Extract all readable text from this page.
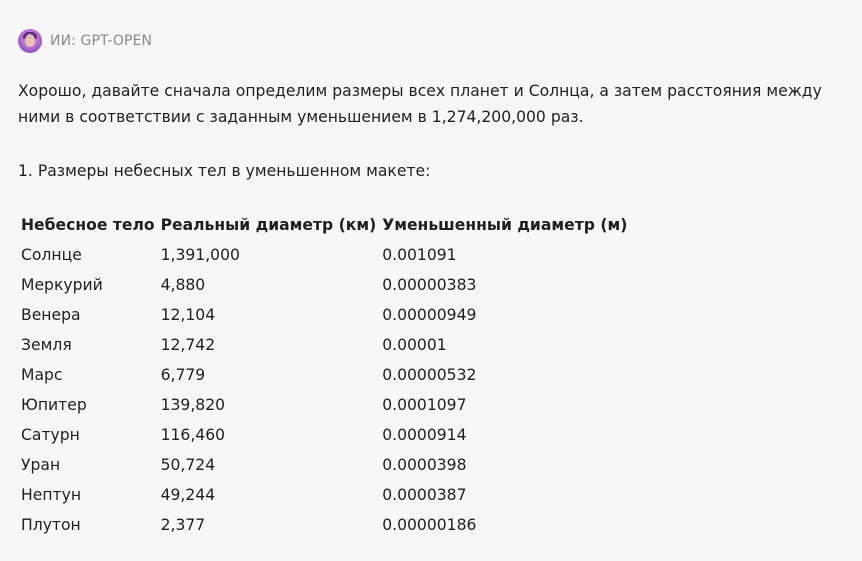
ИИ: GPT-OPEN

Хорошо, давайте сначала определим размеры всех планет и Солнца, а затем расстояния между ними в соответствии с заданным уменьшением в 1,274,200,000 раз.

1. Размеры небесных тел в уменьшенном макете:

Небесное тело	Реальный диаметр (км)	Уменьшенный диаметр (м)
Солнце	1,391,000	0.001091
Меркурий	4,880	0.00000383
Венера	12,104	0.00000949
Земля	12,742	0.00001
Марс	6,779	0.00000532
Юпитер	139,820	0.0001097
Сатурн	116,460	0.0000914
Уран	50,724	0.0000398
Нептун	49,244	0.0000387
Плутон	2,377	0.00000186
